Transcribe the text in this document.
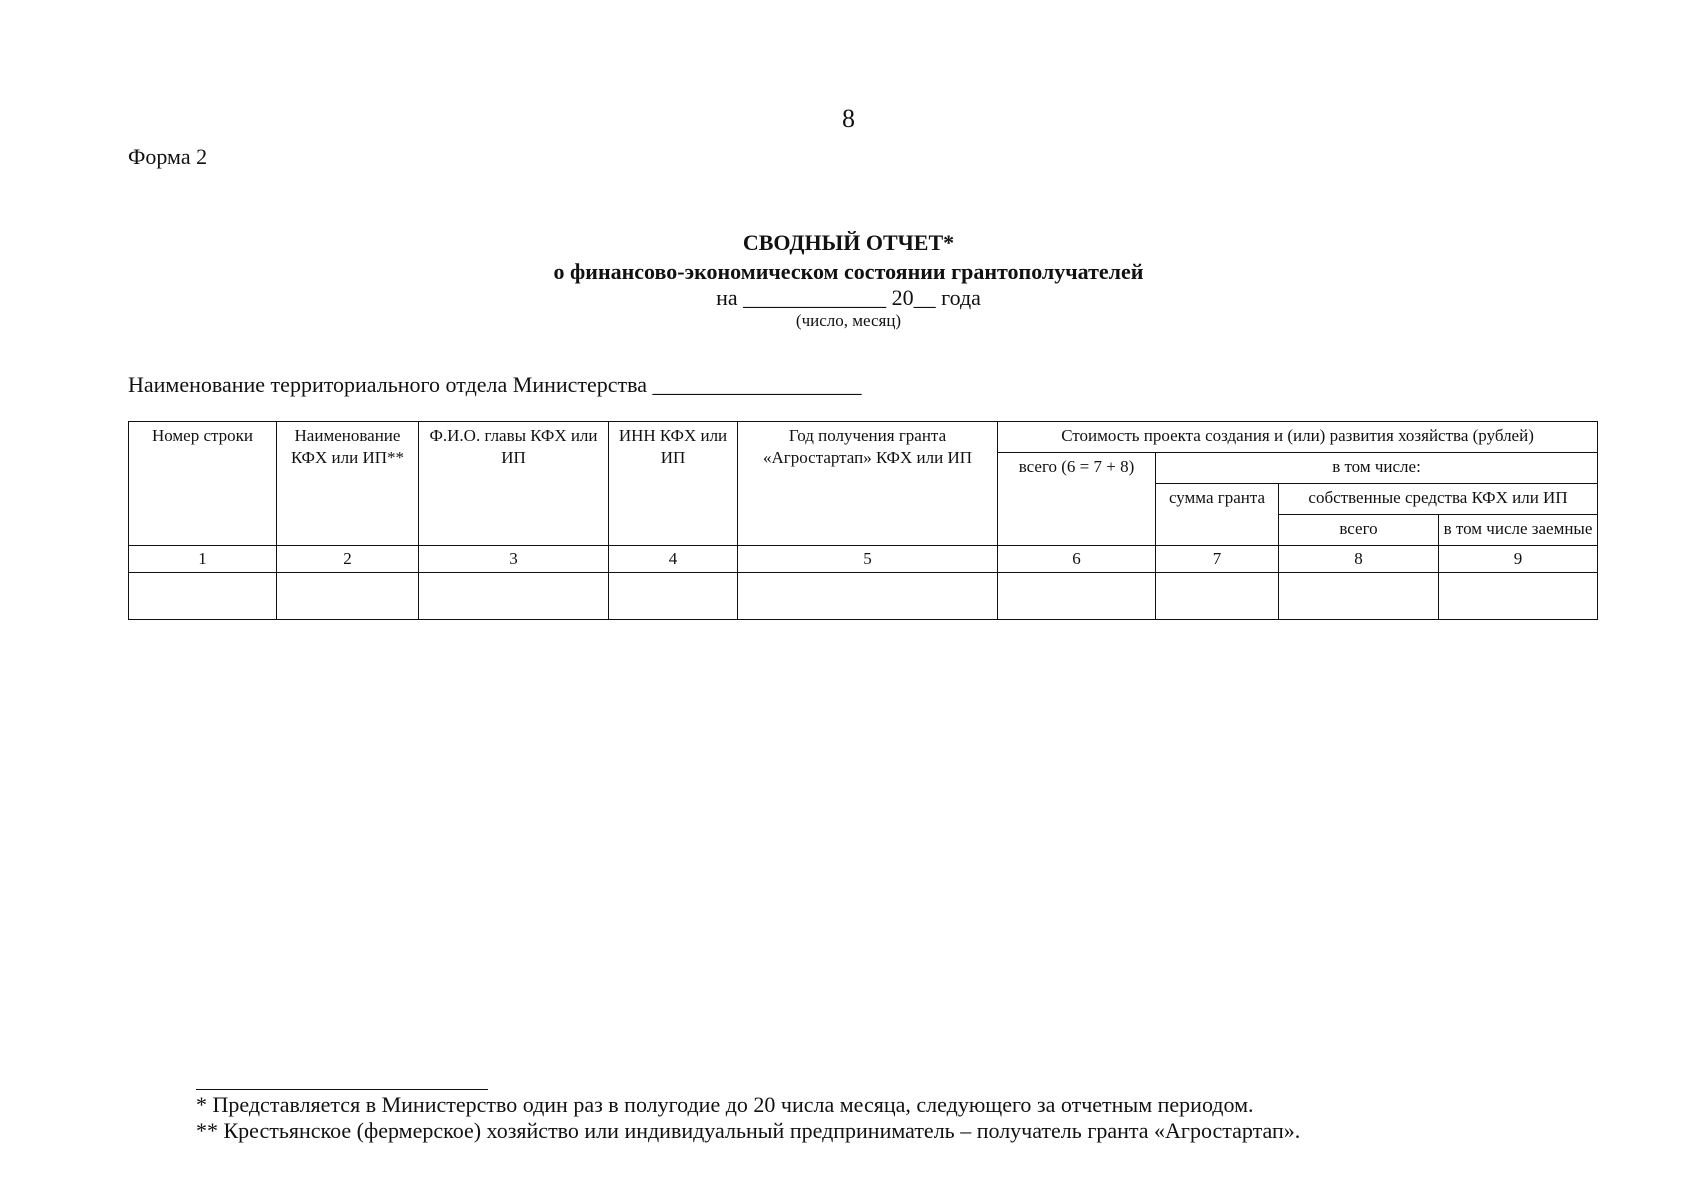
8
Форма 2
СВОДНЫЙ ОТЧЕТ*
о финансово-экономическом состоянии грантополучателей
на _____________ 20__ года
(число, месяц)
Наименование территориального отдела Министерства ___________________
Номер строки	Наименование КФХ или ИП**	Ф.И.О. главы КФХ или ИП	ИНН КФХ или ИП	Год получения гранта «Агростартап» КФХ или ИП	Стоимость проекта создания и (или) развития хозяйства (рублей)			
					всего (6 = 7 + 8)	в том числе:		
						сумма гранта	собственные средства КФХ или ИП	
							всего	в том числе заемные
1	2	3	4	5	6	7	8	9

* Представляется в Министерство один раз в полугодие до 20 числа месяца, следующего за отчетным периодом.
** Крестьянское (фермерское) хозяйство или индивидуальный предприниматель – получатель гранта «Агростартап».
